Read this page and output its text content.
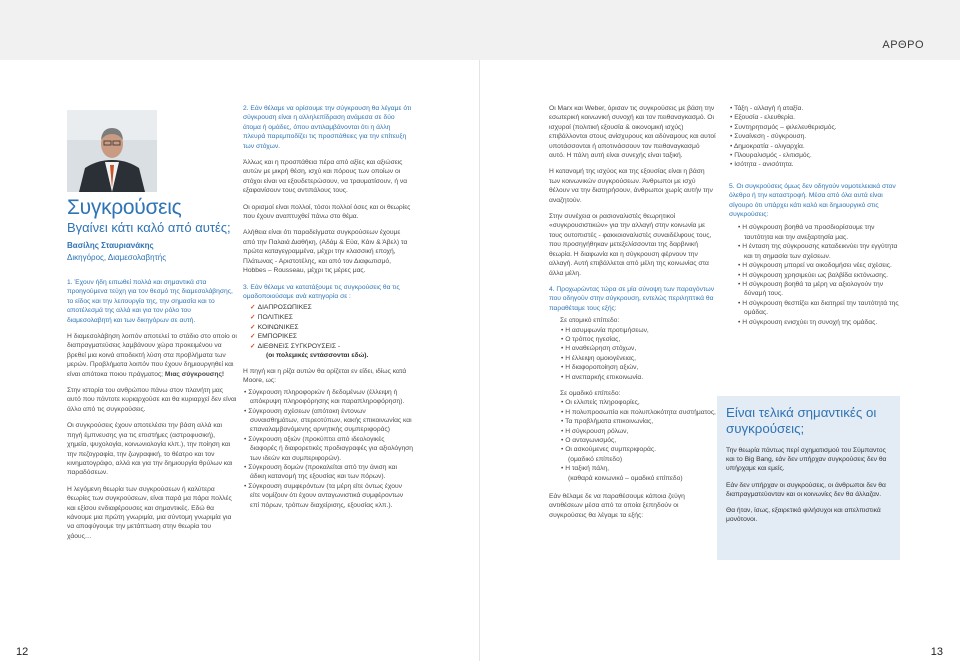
ΑΡΘΡΟ
12	13
Συγκρούσεις
Βγαίνει κάτι καλό από αυτές;
Βασίλης Σταυριανάκης
Δικηγόρος, Διαμεσολαβητής

1. Έχουν ήδη ειπωθεί πολλά και σημαντικά στα προηγούμενα τεύχη για τον θεσμό της διαμεσολάβησης, το είδος και την λειτουργία της, την σημασία και το αποτέλεσμά της αλλά και για τον ρόλο του διαμεσολαβητή και των δικηγόρων σε αυτή.

Η διαμεσολάβηση λοιπόν αποτελεί το στάδιο στο οποίο οι διαπραγματεύσεις λαμβάνουν χώρα προκειμένου να βρεθεί μια κοινά αποδεκτή λύση στα προβλήματα των μερών. Προβλήματα λοιπόν που έχουν δημιουργηθεί και είναι απότοκα ποιου πράγματος; Μιας σύγκρουσης!

Στην ιστορία του ανθρώπου πάνω στον πλανήτη μας αυτό που πάντοτε κυριαρχούσε και θα κυριαρχεί δεν είναι άλλο από τις συγκρούσεις.

Οι συγκρούσεις έχουν αποτελέσει την βάση αλλά και πηγή έμπνευσης για τις επιστήμες (αστροφυσική), χημεία, ψυχολογία, κοινωνιολογία κλπ.), την ποίηση και την πεζογραφία, την ζωγραφική, το θέατρο και τον κινηματογράφο, αλλά και για την δημιουργία θρύλων και παραδόσεων.

Η λεγόμενη θεωρία των συγκρούσεων ή καλύτερα θεωρίες των συγκρούσεων, είναι παρά μα πάρα πολλές και εξίσου ενδιαφέρουσες και σημαντικές. Εδώ θα κάνουμε μια πρώτη γνωριμία, μια σύντομη γνωριμία για να αποφύγουμε την μετάπτωση στην θεωρία του χάους…

2. Εάν θέλαμε να ορίσουμε την σύγκρουση θα λέγαμε ότι σύγκρουση είναι η αλληλεπίδραση ανάμεσα σε δύο άτομα ή ομάδες, όπου αντιλαμβάνονται ότι η άλλη πλευρά παρεμποδίζει τις προσπάθειες για την επίτευξη των στόχων.

Άλλως και η προσπάθεια πέρα από αξίες και αξιώσεις αυτών με μικρή θέση, ισχύ και πόρους των οποίων οι στόχοι είναι να εξουδετερώσουν, να τραυματίσουν, ή να εξαφανίσουν τους αντιπάλους τους.

Οι ορισμοί είναι πολλοί, τόσοι πολλοί όσες και οι θεωρίες που έχουν αναπτυχθεί πάνω στο θέμα.

Αλήθεια είναι ότι παραδείγματα συγκρούσεων έχουμε από την Παλαιά Διαθήκη, (Αδάμ & Εύα, Κάιν & Άβελ) τα πρώτα καταγεγραμμένα, μέχρι την κλασσική εποχή, Πλάτωνας - Αριστοτέλης, και από τον Διαφωτισμό, Hobbes – Rousseau, μέχρι τις μέρες μας.

3. Εάν θέλαμε να κατατάξουμε τις συγκρούσεις θα τις ομαδοποιούσαμε ανά κατηγορία σε :

✓ ΔΙΑΠΡΟΣΩΠΙΚΕΣ
✓ ΠΟΛΙΤΙΚΕΣ
✓ ΚΟΙΝΩΝΙΚΕΣ
✓ ΕΜΠΟΡΙΚΕΣ
✓ ΔΙΕΘΝΕΙΣ ΣΥΓΚΡΟΥΣΕΙΣ -
(οι πολεμικές εντάσσονται εδώ).

Η πηγή και η ρίζα αυτών θα ορίζεται εν είδει, ιδίως κατά Moore, ως:

• Σύγκρουση πληροφοριών ή δεδομένων (έλλειψη ή απόκρυψη πληροφόρησης και παραπληροφόρηση).
• Σύγκρουση σχέσεων (απότοκη έντονων συναισθημάτων, στερεοτύπων, κακής επικοινωνίας και επαναλαμβανόμενης αρνητικής συμπεριφοράς)
• Σύγκρουση αξιών (προκύπτει από ιδεολογικές διαφορές ή διαφορετικές προδιαγραφές για αξιολόγηση των ιδεών και συμπεριφορών).
• Σύγκρουση δομών (προκαλείται από την άνιση και άδικη κατανομή της εξουσίας και των πόρων).
• Σύγκρουση συμφερόντων (τα μέρη είτε όντως έχουν είτε νομίζουν ότι έχουν ανταγωνιστικά συμφέροντων επί πόρων, τρόπων διαχείρισης, εξουσίας κλπ.).

Οι Marx και Weber, όρισαν τις συγκρούσεις με βάση την εσωτερική κοινωνική συνοχή και τον πειθαναγκασμό. Οι ισχυροί (πολιτική εξουσία & οικονομική ισχύς) επιβάλλονται στους ανίσχυρους και αδύναμους και αυτοί υποτάσσονται ή αποτινάσσουν τον πειθαναγκασμό αυτό. Η πάλη αυτή είναι συνεχής είναι ταξική.

Η κατανομή της ισχύος και της εξουσίας είναι η βάση των κοινωνικών συγκρούσεων. Άνθρωποι με ισχύ θέλουν να την διατηρήσουν, άνθρωποι χωρίς αυτήν την αναζητούν.

Στην συνέχεια οι ρασιοναλιστές θεωρητικοί «συγκρουσιστικών» για την αλλαγή στην κοινωνία με τους ουτοπιστές - φακκοιοναλιστές συναιδέλφους τους, που προσηγήθηκαν μετεξελίσσονται της δαρβινική θεωρία. Η διαφωνία και η σύγκρουση φέρνουν την αλλαγή. Αυτή επιβάλλεται από μέλη της κοινωνίας στα άλλα μέλη.

4. Προχωρώντας τώρα σε μία σύνοψη των παραγόντων που οδηγούν στην σύγκρουση, εντελώς περιληπτικά θα παραθέταμε τους εξής:

Σε ατομικό επίπεδο:
• Η ασυμφωνία προτιμήσεων,
• Ο τρόπος ηγεσίας,
• Η αναθεώρηση στόχων,
• Η έλλειψη ομοιογένειας,
• Η διαφοροποίηση αξιών,
• Η ανεπαρκής επικοινωνία.
Σε ομαδικό επίπεδο:
• Οι ελλιπείς πληροφορίες,
• Η πολυπροσωπία και πολυπλοκότητα συστήματος,
• Τα προβλήματα επικοινωνίας,
• Η σύγκρουση ρόλων,
• Ο ανταγωνισμός,
• Οι ασκούμενες συμπεριφοράς.
(ομαδικό επίπεδο)
• Η ταξική πάλη,
(καθαρά κοινωνικό – ομαδικό επίπεδο)

Εάν θέλαμε δε να παραθέσουμε κάποια ζεύγη αντιθέσεων μέσα από τα οποία ξεπηδούν οι συγκρούσεις θα λέγαμε τα εξής:

• Τάξη - αλλαγή ή αταξία.
• Εξουσία - ελευθερία.
• Συντηρητισμός – φιλελευθερισμός.
• Συναίνεση - σύγκρουση.
• Δημοκρατία - ολιγαρχία.
• Πλουραλισμός - ελιτισμός.
• Ισότητα - ανισότητα.

5. Οι συγκρούσεις όμως δεν οδηγούν νομοτελειακά στον όλεθρο ή την καταστροφή. Μέσα από όλα αυτά είναι σίγουρο ότι υπάρχει κάτι καλό και δημιουργικό στις συγκρούσεις:

• Η σύγκρουση βοηθά να προσδιορίσουμε την ταυτότητα και την ανεξαρτησία μας.
• Η ένταση της σύγκρουσης καταδεικνύει την εγγύτητα και τη σημασία των σχέσεων.
• Η σύγκρουση μπορεί να οικοδομήσει νέες σχέσεις.
• Η σύγκρουση χρησιμεύει ως βαλβίδα εκτόνωσης.
• Η σύγκρουση βοηθά τα μέρη να αξιολογούν την δύναμή τους.
• Η σύγκρουση θεσπίζει και διατηρεί την ταυτότητά της ομάδας.
• Η σύγκρουση ενισχύει τη συνοχή της ομάδας.
Είναι τελικά σημαντικές οι συγκρούσεις;

Την θεωρία πάντως περί σχηματισμού του Σύμπαντος και το Big Bang, εάν δεν υπήρχαν συγκρούσεις δεν θα υπήρχαμε και εμείς.

Εάν δεν υπήρχαν οι συγκρούσεις, οι άνθρωποι δεν θα διαπραγματεύονταν και οι κοινωνίες δεν θα άλλαζαν.

Θα ήταν, ίσως, εξαιρετικά φιλήσυχοι και απελπιστικά μονότονοι.
